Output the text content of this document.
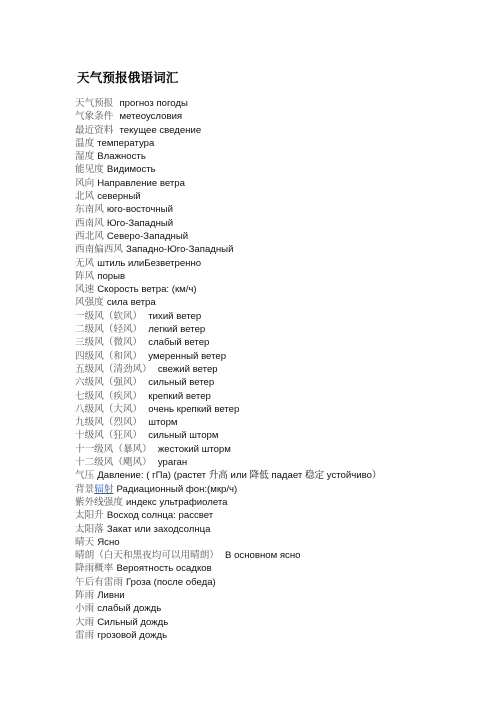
天气预报俄语词汇
天气预报 прогноз погоды
气象条件 метеоусловия
最近资料 текущее сведение
温度 температура
湿度 Влажность
能见度 Видимость
风向 Направление ветра
北风 северный
东南风 юго-восточный
西南风 Юго-Западный
西北风 Северо-Западный
西南偏西风 Западно-Юго-Западный
无风 штиль илиБезветренно
阵风 порыв
风速 Скорость ветра: (км/ч)
风强度 сила ветра
一级风（软风） тихий ветер
二级风（轻风） легкий ветер
三级风（微风） слабый ветер
四级风（和风） умеренный ветер
五级风（清劲风） свежий ветер
六级风（强风） сильный ветер
七级风（疾风） крепкий ветер
八级风（大风） очень крепкий ветер
九级风（烈风） шторм
十级风（狂风） сильный шторм
十一级风（暴风） жестокий шторм
十二级风（飓风） ураган
气压 Давление: ( гПа) (растет 升高 или 降低 падает 稳定 устойчиво）
背景辐射 Радиационный фон:(мкр/ч)
紫外线强度 индекс ультрафиолета
太阳升 Восход солнца: рассвет
太阳落 Закат или заходсолнца
晴天 Ясно
晴朗（白天和黑夜均可以用晴朗） В основном ясно
降雨概率 Вероятность осадков
午后有雷雨 Гроза (после обеда)
阵雨 Ливни
小雨 слабый дождь
大雨 Сильный дождь
雷雨 грозовой дождь
